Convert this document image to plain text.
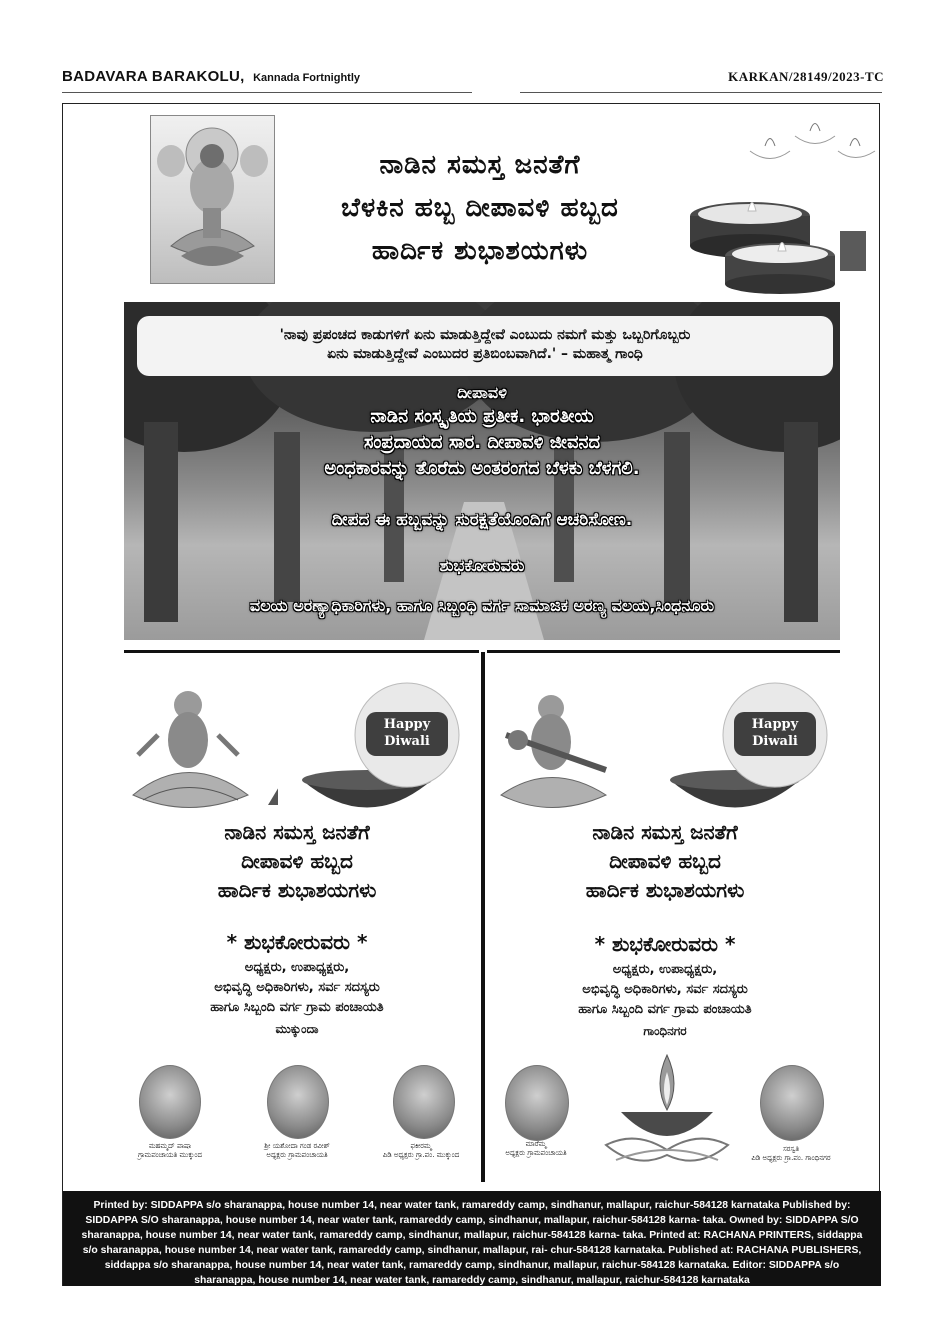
BADAVARA BARAKOLU, Kannada Fortnightly	KARKAN/28149/2023-TC
ನಾಡಿನ ಸಮಸ್ತ ಜನತೆಗೆ
ಬೆಳಕಿನ ಹಬ್ಬ ದೀಪಾವಳಿ ಹಬ್ಬದ
ಹಾರ್ದಿಕ ಶುಭಾಶಯಗಳು
'ನಾವು ಪ್ರಪಂಚದ ಕಾಡುಗಳಿಗೆ ಏನು ಮಾಡುತ್ತಿದ್ದೇವೆ ಎಂಬುದು ನಮಗೆ ಮತ್ತು ಒಬ್ಬರಿಗೊಬ್ಬರು
ಏನು ಮಾಡುತ್ತಿದ್ದೇವೆ ಎಂಬುದರ ಪ್ರತಿಬಿಂಬವಾಗಿದೆ.' – ಮಹಾತ್ಮ ಗಾಂಧಿ
ದೀಪಾವಳಿ
ನಾಡಿನ ಸಂಸ್ಕೃತಿಯ ಪ್ರತೀಕ. ಭಾರತೀಯ
ಸಂಪ್ರದಾಯದ ಸಾರ. ದೀಪಾವಳಿ ಜೀವನದ
ಅಂಧಕಾರವನ್ನು ತೊರೆದು ಅಂತರಂಗದ ಬೆಳಕು ಬೆಳಗಲಿ.
ದೀಪದ ಈ ಹಬ್ಬವನ್ನು ಸುರಕ್ಷತೆಯೊಂದಿಗೆ ಆಚರಿಸೋಣ.
ಶುಭಕೋರುವರು
ವಲಯ ಅರಣ್ಯಾಧಿಕಾರಿಗಳು, ಹಾಗೂ ಸಿಬ್ಬಂಧಿ ವರ್ಗ ಸಾಮಾಜಿಕ ಅರಣ್ಯ ವಲಯ,ಸಿಂಧನೂರು
Happy
Diwali
ನಾಡಿನ ಸಮಸ್ತ ಜನತೆಗೆ
ದೀಪಾವಳಿ ಹಬ್ಬದ
ಹಾರ್ದಿಕ ಶುಭಾಶಯಗಳು
* ಶುಭಕೋರುವರು *
ಅಧ್ಯಕ್ಷರು, ಉಪಾಧ್ಯಕ್ಷರು,
ಅಭಿವೃದ್ಧಿ ಅಧಿಕಾರಿಗಳು, ಸರ್ವ ಸದಸ್ಯರು
ಹಾಗೂ ಸಿಬ್ಬಂದಿ ವರ್ಗ ಗ್ರಾಮ ಪಂಚಾಯತಿ
ಮುಕ್ಕುಂದಾ
ಮಹಮ್ಮದ್ ಪಾಷಾ
ಗ್ರಾಮಪಂಚಾಯತಿ ಮುಕ್ಕುಂದ
ಶ್ರೀ ಯಶೋದಾ ಗಂಡ ರವೀಶ್
ಅಧ್ಯಕ್ಷರು ಗ್ರಾಮಪಂಚಾಯತಿ
ಫಕೀರಮ್ಮ
ಪಿಡಿ ಅಧ್ಯಕ್ಷರು ಗ್ರಾ.ಪಂ. ಮುಕ್ಕುಂದ
Happy
Diwali
ನಾಡಿನ ಸಮಸ್ತ ಜನತೆಗೆ
ದೀಪಾವಳಿ ಹಬ್ಬದ
ಹಾರ್ದಿಕ ಶುಭಾಶಯಗಳು
* ಶುಭಕೋರುವರು *
ಅಧ್ಯಕ್ಷರು, ಉಪಾಧ್ಯಕ್ಷರು,
ಅಭಿವೃದ್ಧಿ ಅಧಿಕಾರಿಗಳು, ಸರ್ವ ಸದಸ್ಯರು
ಹಾಗೂ ಸಿಬ್ಬಂದಿ ವರ್ಗ ಗ್ರಾಮ ಪಂಚಾಯತಿ
ಗಾಂಧಿನಗರ
ಮಾರೆಮ್ಮ
ಅಧ್ಯಕ್ಷರು ಗ್ರಾಮಪಂಚಾಯತಿ	ಸರಸ್ವತಿ
ಪಿಡಿ ಅಧ್ಯಕ್ಷರು ಗ್ರಾ.ಪಂ. ಗಾಂಧಿನಗರ
Printed by: SIDDAPPA s/o sharanappa, house number 14, near water tank, ramareddy camp, sindhanur, mallapur, raichur-584128 karnataka Published by: SIDDAPPA S/O sharanappa, house number 14, near water tank, ramareddy camp, sindhanur, mallapur, raichur-584128 karna- taka. Owned by: SIDDAPPA S/O sharanappa, house number 14, near water tank, ramareddy camp, sindhanur, mallapur, raichur-584128 karna- taka. Printed at: RACHANA PRINTERS, siddappa s/o sharanappa, house number 14, near water tank, ramareddy camp, sindhanur, mallapur, rai- chur-584128 karnataka. Published at: RACHANA PUBLISHERS, siddappa s/o sharanappa, house number 14, near water tank, ramareddy camp, sindhanur, mallapur, raichur-584128 karnataka. Editor: SIDDAPPA s/o sharanappa, house number 14, near water tank, ramareddy camp, sindhanur, mallapur, raichur-584128 karnataka
